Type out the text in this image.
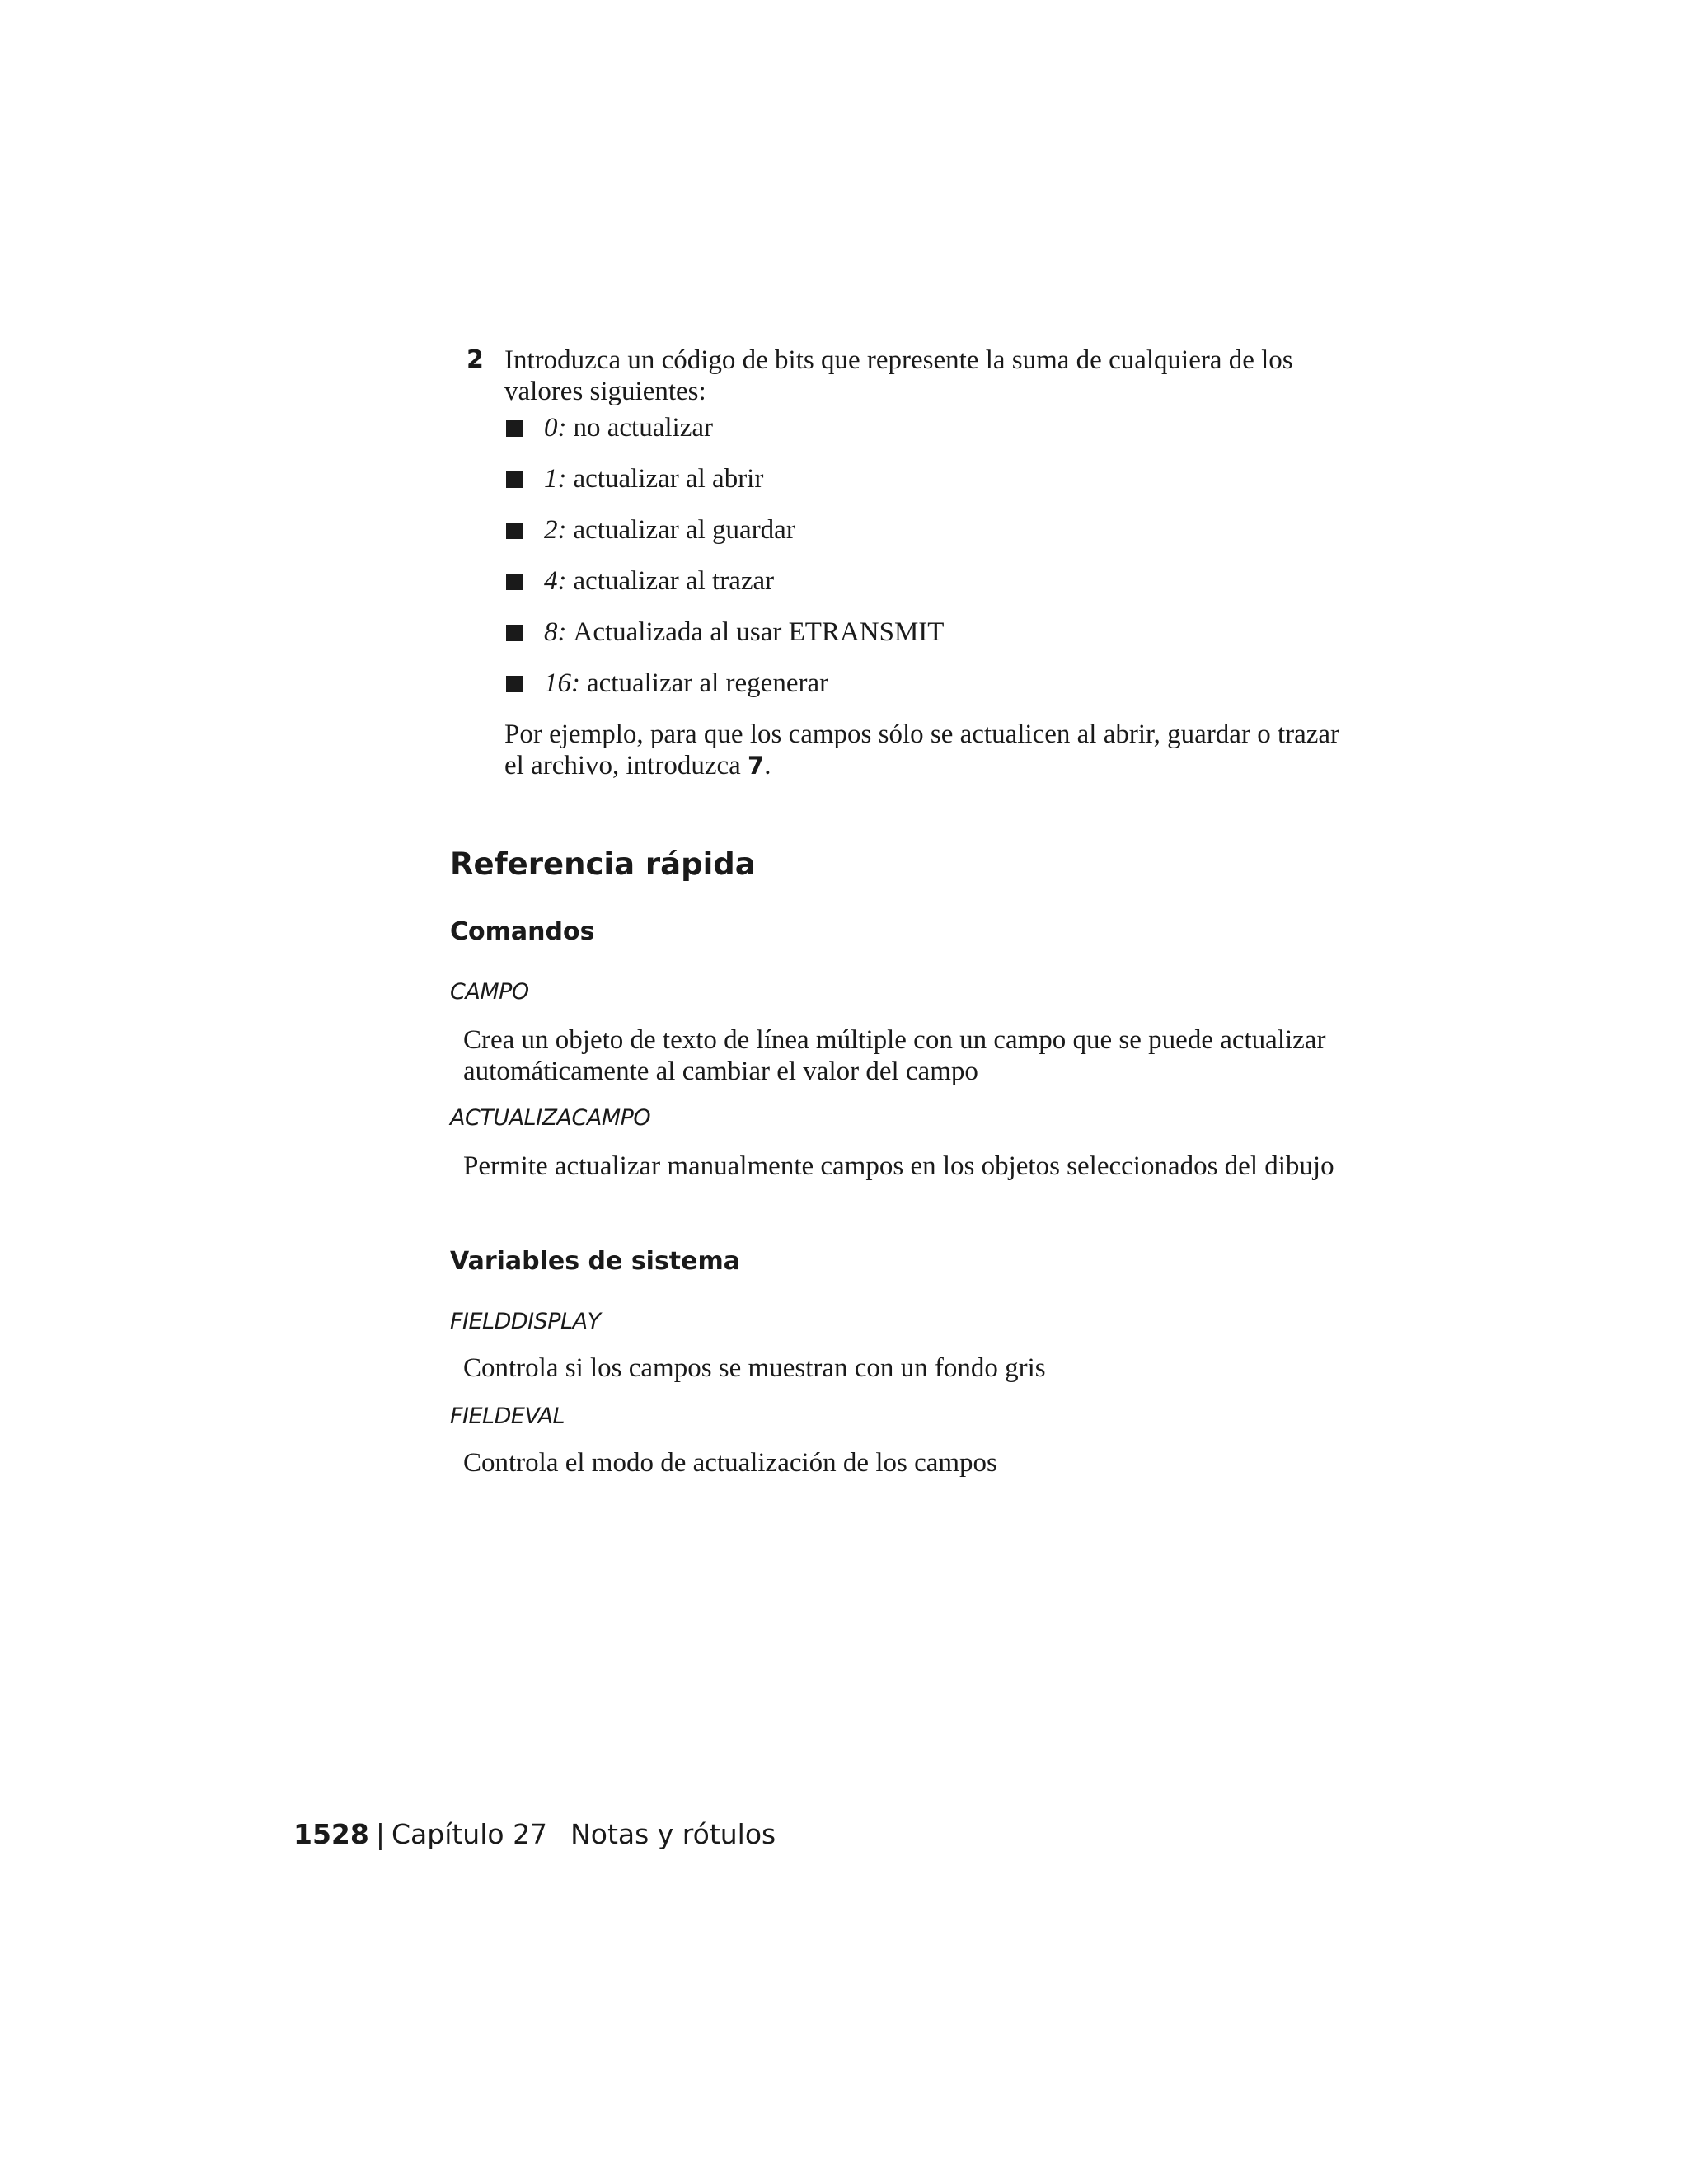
2 Introduzca un código de bits que represente la suma de cualquiera de los valores siguientes:
0: no actualizar
1: actualizar al abrir
2: actualizar al guardar
4: actualizar al trazar
8: Actualizada al usar ETRANSMIT
16: actualizar al regenerar
Por ejemplo, para que los campos sólo se actualicen al abrir, guardar o trazar el archivo, introduzca 7.
Referencia rápida
Comandos
CAMPO
Crea un objeto de texto de línea múltiple con un campo que se puede actualizar automáticamente al cambiar el valor del campo
ACTUALIZACAMPO
Permite actualizar manualmente campos en los objetos seleccionados del dibujo
Variables de sistema
FIELDDISPLAY
Controla si los campos se muestran con un fondo gris
FIELDEVAL
Controla el modo de actualización de los campos
1528 | Capítulo 27 Notas y rótulos
